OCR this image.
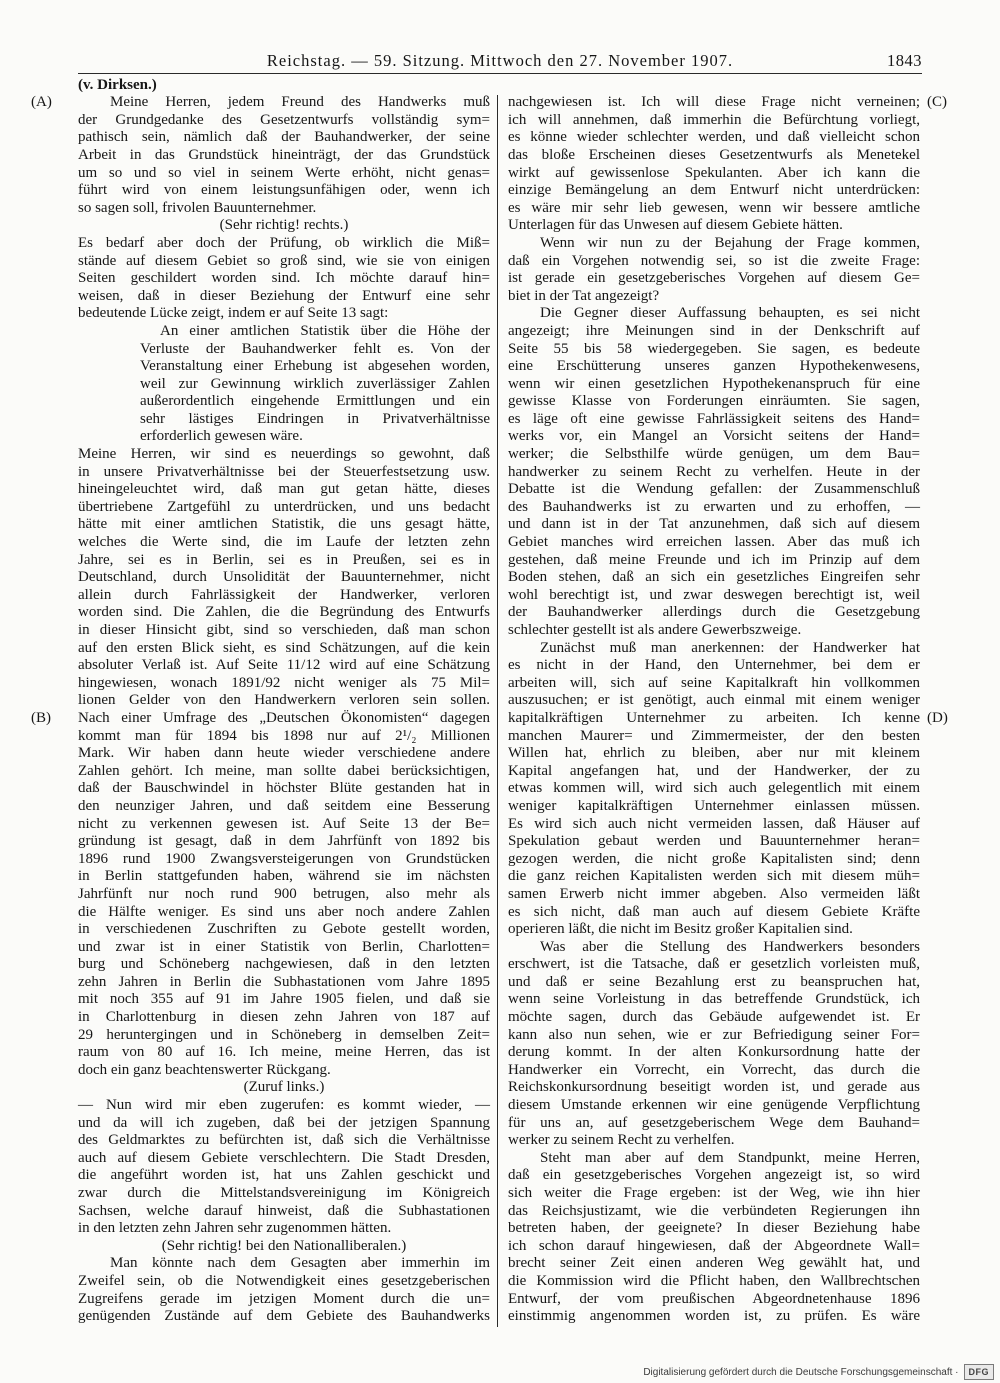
Reichstag. — 59. Sitzung. Mittwoch den 27. November 1907.	1843
(A)
(B)
(C)
(D)
(v. Dirksen.)
Meine Herren, jedem Freund des Handwerks muß
der Grundgedanke des Gesetzentwurfs vollständig sym=
pathisch sein, nämlich daß der Bauhandwerker, der seine
Arbeit in das Grundstück hineinträgt, der das Grundstück
um so und so viel in seinem Werte erhöht, nicht genas=
führt wird von einem leistungsunfähigen oder, wenn ich
so sagen soll, frivolen Bauunternehmer.
(Sehr richtig! rechts.)
Es bedarf aber doch der Prüfung, ob wirklich die Miß=
stände auf diesem Gebiet so groß sind, wie sie von einigen
Seiten geschildert worden sind. Ich möchte darauf hin=
weisen, daß in dieser Beziehung der Entwurf eine sehr
bedeutende Lücke zeigt, indem er auf Seite 13 sagt:
An einer amtlichen Statistik über die Höhe der
Verluste der Bauhandwerker fehlt es. Von der
Veranstaltung einer Erhebung ist abgesehen worden,
weil zur Gewinnung wirklich zuverlässiger Zahlen
außerordentlich eingehende Ermittlungen und ein
sehr lästiges Eindringen in Privatverhältnisse
erforderlich gewesen wäre.
Meine Herren, wir sind es neuerdings so gewohnt, daß
in unsere Privatverhältnisse bei der Steuerfestsetzung usw.
hineingeleuchtet wird, daß man gut getan hätte, dieses
übertriebene Zartgefühl zu unterdrücken, und uns bedacht
hätte mit einer amtlichen Statistik, die uns gesagt hätte,
welches die Werte sind, die im Laufe der letzten zehn
Jahre, sei es in Berlin, sei es in Preußen, sei es in
Deutschland, durch Unsolidität der Bauunternehmer, nicht
allein durch Fahrlässigkeit der Handwerker, verloren
worden sind. Die Zahlen, die die Begründung des Entwurfs
in dieser Hinsicht gibt, sind so verschieden, daß man schon
auf den ersten Blick sieht, es sind Schätzungen, auf die kein
absoluter Verlaß ist. Auf Seite 11/12 wird auf eine Schätzung
hingewiesen, wonach 1891/92 nicht weniger als 75 Mil=
lionen Gelder von den Handwerkern verloren sein sollen.
Nach einer Umfrage des „Deutschen Ökonomisten“ dagegen
kommt man für 1894 bis 1898 nur auf 2¹/₂ Millionen
Mark. Wir haben dann heute wieder verschiedene andere
Zahlen gehört. Ich meine, man sollte dabei berücksichtigen,
daß der Bauschwindel in höchster Blüte gestanden hat in
den neunziger Jahren, und daß seitdem eine Besserung
nicht zu verkennen gewesen ist. Auf Seite 13 der Be=
gründung ist gesagt, daß in dem Jahrfünft von 1892 bis
1896 rund 1900 Zwangsversteigerungen von Grundstücken
in Berlin stattgefunden haben, während sie im nächsten
Jahrfünft nur noch rund 900 betrugen, also mehr als
die Hälfte weniger. Es sind uns aber noch andere Zahlen
in verschiedenen Zuschriften zu Gebote gestellt worden,
und zwar ist in einer Statistik von Berlin, Charlotten=
burg und Schöneberg nachgewiesen, daß in den letzten
zehn Jahren in Berlin die Subhastationen vom Jahre 1895
mit noch 355 auf 91 im Jahre 1905 fielen, und daß sie
in Charlottenburg in diesen zehn Jahren von 187 auf
29 heruntergingen und in Schöneberg in demselben Zeit=
raum von 80 auf 16. Ich meine, meine Herren, das ist
doch ein ganz beachtenswerter Rückgang.
(Zuruf links.)
— Nun wird mir eben zugerufen: es kommt wieder, —
und da will ich zugeben, daß bei der jetzigen Spannung
des Geldmarktes zu befürchten ist, daß sich die Verhältnisse
auch auf diesem Gebiete verschlechtern. Die Stadt Dresden,
die angeführt worden ist, hat uns Zahlen geschickt und
zwar durch die Mittelstandsvereinigung im Königreich
Sachsen, welche darauf hinweist, daß die Subhastationen
in den letzten zehn Jahren sehr zugenommen hätten.
(Sehr richtig! bei den Nationalliberalen.)
Man könnte nach dem Gesagten aber immerhin im
Zweifel sein, ob die Notwendigkeit eines gesetzgeberischen
Zugreifens gerade im jetzigen Moment durch die un=
genügenden Zustände auf dem Gebiete des Bauhandwerks
nachgewiesen ist. Ich will diese Frage nicht verneinen;
ich will annehmen, daß immerhin die Befürchtung vorliegt,
es könne wieder schlechter werden, und daß vielleicht schon
das bloße Erscheinen dieses Gesetzentwurfs als Menetekel
wirkt auf gewissenlose Spekulanten. Aber ich kann die
einzige Bemängelung an dem Entwurf nicht unterdrücken:
es wäre mir sehr lieb gewesen, wenn wir bessere amtliche
Unterlagen für das Unwesen auf diesem Gebiete hätten.
Wenn wir nun zu der Bejahung der Frage kommen,
daß ein Vorgehen notwendig sei, so ist die zweite Frage:
ist gerade ein gesetzgeberisches Vorgehen auf diesem Ge=
biet in der Tat angezeigt?
Die Gegner dieser Auffassung behaupten, es sei nicht
angezeigt; ihre Meinungen sind in der Denkschrift auf
Seite 55 bis 58 wiedergegeben. Sie sagen, es bedeute
eine Erschütterung unseres ganzen Hypothekenwesens,
wenn wir einen gesetzlichen Hypothekenanspruch für eine
gewisse Klasse von Forderungen einräumten. Sie sagen,
es läge oft eine gewisse Fahrlässigkeit seitens des Hand=
werks vor, ein Mangel an Vorsicht seitens der Hand=
werker; die Selbsthilfe würde genügen, um dem Bau=
handwerker zu seinem Recht zu verhelfen. Heute in der
Debatte ist die Wendung gefallen: der Zusammenschluß
des Bauhandwerks ist zu erwarten und zu erhoffen, —
und dann ist in der Tat anzunehmen, daß sich auf diesem
Gebiet manches wird erreichen lassen. Aber das muß ich
gestehen, daß meine Freunde und ich im Prinzip auf dem
Boden stehen, daß an sich ein gesetzliches Eingreifen sehr
wohl berechtigt ist, und zwar deswegen berechtigt ist, weil
der Bauhandwerker allerdings durch die Gesetzgebung
schlechter gestellt ist als andere Gewerbszweige.
Zunächst muß man anerkennen: der Handwerker hat
es nicht in der Hand, den Unternehmer, bei dem er
arbeiten will, sich auf seine Kapitalkraft hin vollkommen
auszusuchen; er ist genötigt, auch einmal mit einem weniger
kapitalkräftigen Unternehmer zu arbeiten. Ich kenne
manchen Maurer= und Zimmermeister, der den besten
Willen hat, ehrlich zu bleiben, aber nur mit kleinem
Kapital angefangen hat, und der Handwerker, der zu
etwas kommen will, wird sich auch gelegentlich mit einem
weniger kapitalkräftigen Unternehmer einlassen müssen.
Es wird sich auch nicht vermeiden lassen, daß Häuser auf
Spekulation gebaut werden und Bauunternehmer heran=
gezogen werden, die nicht große Kapitalisten sind; denn
die ganz reichen Kapitalisten werden sich mit diesem müh=
samen Erwerb nicht immer abgeben. Also vermeiden läßt
es sich nicht, daß man auch auf diesem Gebiete Kräfte
operieren läßt, die nicht im Besitz großer Kapitalien sind.
Was aber die Stellung des Handwerkers besonders
erschwert, ist die Tatsache, daß er gesetzlich vorleisten muß,
und daß er seine Bezahlung erst zu beanspruchen hat,
wenn seine Vorleistung in das betreffende Grundstück, ich
möchte sagen, durch das Gebäude aufgewendet ist. Er
kann also nun sehen, wie er zur Befriedigung seiner For=
derung kommt. In der alten Konkursordnung hatte der
Handwerker ein Vorrecht, ein Vorrecht, das durch die
Reichskonkursordnung beseitigt worden ist, und gerade aus
diesem Umstande erkennen wir eine genügende Verpflichtung
für uns an, auf gesetzgeberischem Wege dem Bauhand=
werker zu seinem Recht zu verhelfen.
Steht man aber auf dem Standpunkt, meine Herren,
daß ein gesetzgeberisches Vorgehen angezeigt ist, so wird
sich weiter die Frage ergeben: ist der Weg, wie ihn hier
das Reichsjustizamt, wie die verbündeten Regierungen ihn
betreten haben, der geeignete? In dieser Beziehung habe
ich schon darauf hingewiesen, daß der Abgeordnete Wall=
brecht seiner Zeit einen anderen Weg gewählt hat, und
die Kommission wird die Pflicht haben, den Wallbrechtschen
Entwurf, der vom preußischen Abgeordnetenhause 1896
einstimmig angenommen worden ist, zu prüfen. Es wäre
Digitalisierung gefördert durch die Deutsche Forschungsgemeinschaft ·	DFG
